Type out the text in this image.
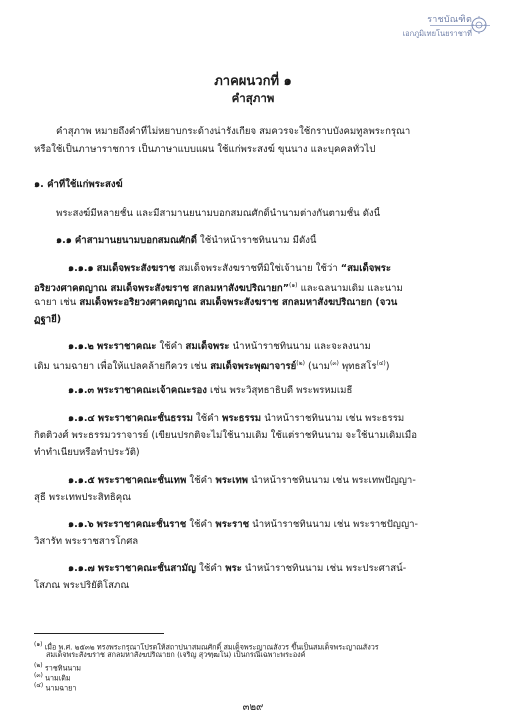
ราชบัณฑิต
เอกภูมิเทยโนยราชาที่
ภาคผนวกที่ ๑
คำสุภาพ
คำสุภาพ หมายถึงคำที่ไม่หยาบกระด้างน่ารังเกียจ สมควรจะใช้กราบบังคมทูลพระกรุณา
หรือใช้เป็นภาษาราชการ เป็นภาษาแบบแผน ใช้แก่พระสงฆ์ ขุนนาง และบุคคลทั่วไป
๑. คำที่ใช้แก่พระสงฆ์
พระสงฆ์มีหลายชั้น และมีสามานยนามบอกสมณศักดิ์นำนามต่างกันตามชั้น ดังนี้
๑.๑ คำสามานยนามบอกสมณศักดิ์ ใช้นำหน้าราชทินนาม มีดังนี้
๑.๑.๑ สมเด็จพระสังฆราช สมเด็จพระสังฆราชที่มิใช่เจ้านาย ใช้ว่า “สมเด็จพระ
อริยวงศาคตญาณ สมเด็จพระสังฆราช สกลมหาสังฆปริณายก”$^{(๑)}$ และฉลนามเดิม และนาม
ฉายา เช่น สมเด็จพระอริยวงศาคตญาณ สมเด็จพระสังฆราช สกลมหาสังฆปริณายก (จวน
ฏฐายี)
๑.๑.๒ พระราชาคณะ ใช้คำ สมเด็จพระ นำหน้าราชทินนาม และจะลงนาม
เดิม นามฉายา เพื่อให้แปลคล้ายกีควร เช่น สมเด็จพระพุฒาจารย์$^{(๒)}$ (นาม$^{(๓)}$ พุทธสโร$^{(๔)}$)
๑.๑.๓ พระราชาคณะเจ้าคณะรอง เช่น พระวิสุทธาธิบดี พระพรหมเมธี
๑.๑.๔ พระราชาคณะชั้นธรรม ใช้คำ พระธรรม นำหน้าราชทินนาม เช่น พระธรรม
กิตติวงศ์ พระธรรมวราจารย์ (เขียนปรกติจะไม่ใช้นามเดิม ใช้แต่ราชทินนาม จะใช้นามเดิมเมื่อ
ทำทำเนียบหรือทำประวัติ)
๑.๑.๕ พระราชาคณะชั้นเทพ ใช้คำ พระเทพ นำหน้าราชทินนาม เช่น พระเทพปัญญา-
สุธี พระเทพประสิทธิคุณ
๑.๑.๖ พระราชาคณะชั้นราช ใช้คำ พระราช นำหน้าราชทินนาม เช่น พระราชปัญญา-
วิสารัท พระราชสารโกศล
๑.๑.๗ พระราชาคณะชั้นสามัญ ใช้คำ พระ นำหน้าราชทินนาม เช่น พระประศาสน์-
โสภณ พระปริยัติโสภณ
$^{(๑)}$ เมื่อ พ.ศ. ๒๕๓๒ ทรงพระกรุณาโปรดให้สถาปนาสมณศักดิ์ สมเด็จพระญาณสังวร ขึ้นเป็นสมเด็จพระญาณสังวร
สมเด็จพระสังฆราช สกลมหาสังฆปริณายก (เจริญ สุวฑฺฒโน) เป็นกรณีเฉพาะพระองค์
$^{(๒)}$ ราชทินนาม
$^{(๓)}$ นามเดิม
$^{(๔)}$ นามฉายา
๓๒๙
